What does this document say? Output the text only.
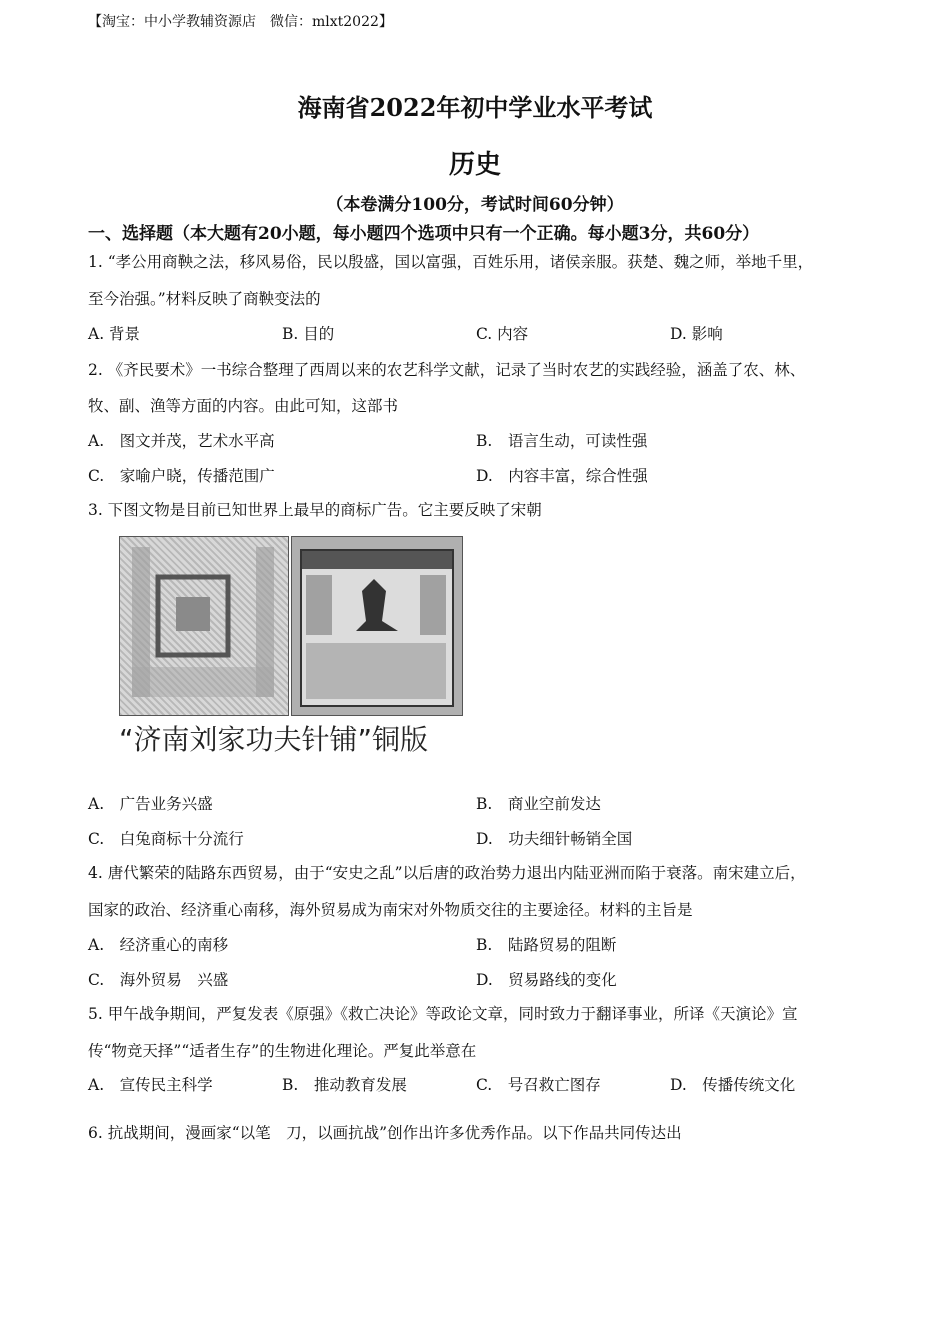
【淘宝：中小学教辅资源店　微信：mlxt2022】
海南省2022年初中学业水平考试
历史
（本卷满分100分，考试时间60分钟）
一、选择题（本大题有20小题，每小题四个选项中只有一个正确。每小题3分，共60分）
1. “孝公用商鞅之法，移风易俗，民以殷盛，国以富强，百姓乐用，诸侯亲服。获楚、魏之师，举地千里，
至今治强。”材料反映了商鞅变法的
A. 背景	B. 目的	C. 内容	D. 影响
2. 《齐民要术》一书综合整理了西周以来的农艺科学文献，记录了当时农艺的实践经验，涵盖了农、林、
牧、副、渔等方面的内容。由此可知，这部书
A.　图文并茂，艺术水平高	B.　语言生动，可读性强
C.　家喻户晓，传播范围广	D.　内容丰富，综合性强
3. 下图文物是目前已知世界上最早的商标广告。它主要反映了宋朝
“济南刘家功夫针铺”铜版
A.　广告业务兴盛	B.　商业空前发达
C.　白兔商标十分流行	D.　功夫细针畅销全国
4. 唐代繁荣的陆路东西贸易，由于“安史之乱”以后唐的政治势力退出内陆亚洲而陷于衰落。南宋建立后，
国家的政治、经济重心南移，海外贸易成为南宋对外物质交往的主要途径。材料的主旨是
A.　经济重心的南移	B.　陆路贸易的阻断
C.　海外贸易　兴盛	D.　贸易路线的变化
5. 甲午战争期间，严复发表《原强》《救亡决论》等政论文章，同时致力于翻译事业，所译《天演论》宣
传“物竞天择”“适者生存”的生物进化理论。严复此举意在
A.　宣传民主科学	B.　推动教育发展	C.　号召救亡图存	D.　传播传统文化
6. 抗战期间，漫画家“以笔　刀，以画抗战”创作出许多优秀作品。以下作品共同传达出
